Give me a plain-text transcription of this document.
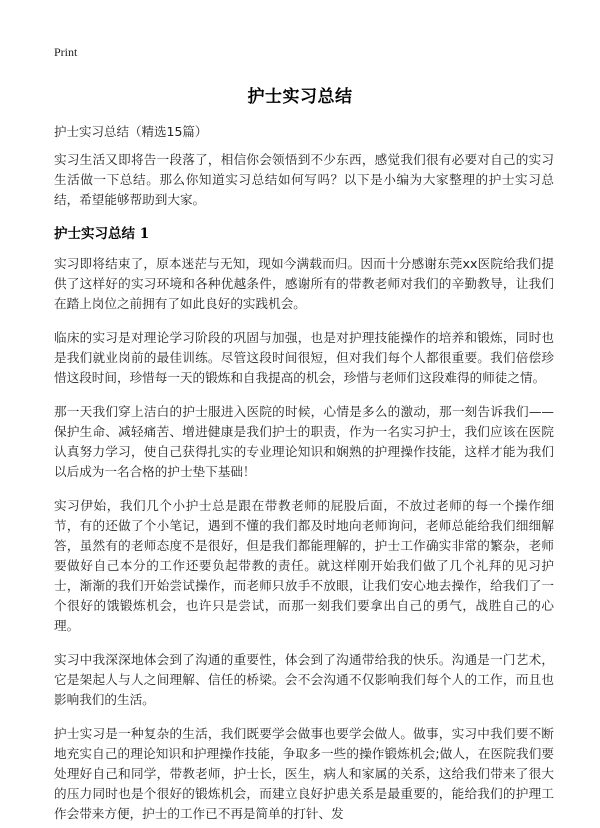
Print
护士实习总结
护士实习总结（精选15篇）

实习生活又即将告一段落了，相信你会领悟到不少东西，感觉我们很有必要对自己的实习生活做一下总结。那么你知道实习总结如何写吗？以下是小编为大家整理的护士实习总结，希望能够帮助到大家。

护士实习总结 1

实习即将结束了，原本迷茫与无知，现如今满载而归。因而十分感谢东莞xx医院给我们提供了这样好的实习环境和各种优越条件，感谢所有的带教老师对我们的辛勤教导，让我们在踏上岗位之前拥有了如此良好的实践机会。

临床的实习是对理论学习阶段的巩固与加强，也是对护理技能操作的培养和锻炼，同时也是我们就业岗前的最佳训练。尽管这段时间很短，但对我们每个人都很重要。我们倍偿珍惜这段时间，珍惜每一天的锻炼和自我提高的机会，珍惜与老师们这段难得的师徒之情。

那一天我们穿上洁白的护士服进入医院的时候，心情是多么的激动，那一刻告诉我们——保护生命、减轻痛苦、增进健康是我们护士的职责，作为一名实习护士，我们应该在医院认真努力学习，使自己获得扎实的专业理论知识和娴熟的护理操作技能，这样才能为我们以后成为一名合格的护士垫下基础！

实习伊始，我们几个小护士总是跟在带教老师的屁股后面，不放过老师的每一个操作细节，有的还做了个小笔记，遇到不懂的我们都及时地向老师询问，老师总能给我们细细解答，虽然有的老师态度不是很好，但是我们都能理解的，护士工作确实非常的繁杂，老师要做好自己本分的工作还要负起带教的责任。就这样刚开始我们做了几个礼拜的见习护士，渐渐的我们开始尝试操作，而老师只放手不放眼，让我们安心地去操作，给我们了一个很好的饿锻炼机会，也许只是尝试，而那一刻我们要拿出自己的勇气，战胜自己的心理。

实习中我深深地体会到了沟通的重要性，体会到了沟通带给我的快乐。沟通是一门艺术，它是架起人与人之间理解、信任的桥梁。会不会沟通不仅影响我们每个人的工作，而且也影响我们的生活。

护士实习是一种复杂的生活，我们既要学会做事也要学会做人。做事，实习中我们要不断地充实自己的理论知识和护理操作技能，争取多一些的操作锻炼机会;做人，在医院我们要处理好自己和同学，带教老师，护士长，医生，病人和家属的关系，这给我们带来了很大的压力同时也是个很好的锻炼机会，而建立良好护患关系是最重要的，能给我们的护理工作会带来方便，护士的工作已不再是简单的打针、发
